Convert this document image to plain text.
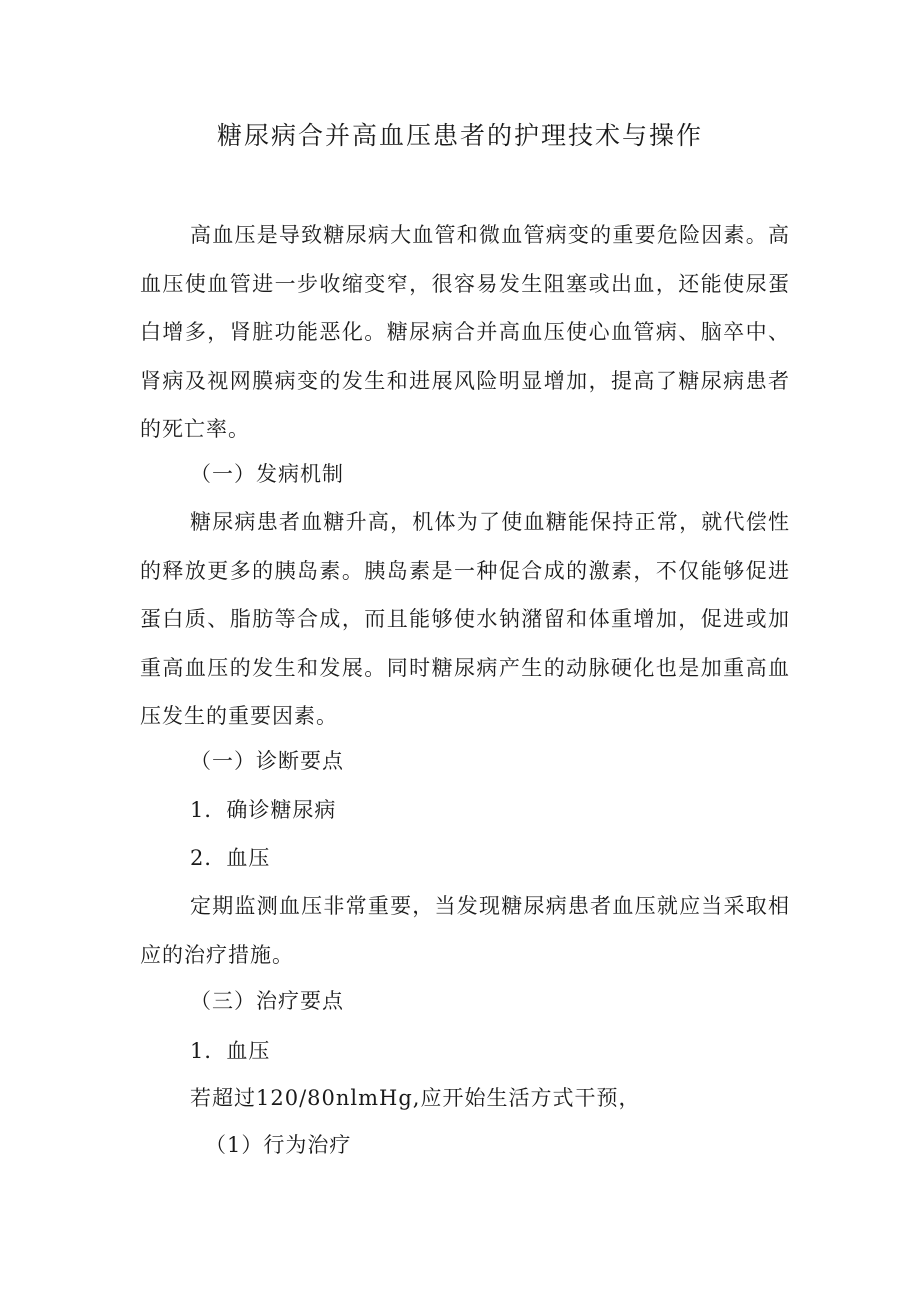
糖尿病合并高血压患者的护理技术与操作

高血压是导致糖尿病大血管和微血管病变的重要危险因素。高血压使血管进一步收缩变窄，很容易发生阻塞或出血，还能使尿蛋白增多，肾脏功能恶化。糖尿病合并高血压使心血管病、脑卒中、肾病及视网膜病变的发生和进展风险明显增加，提高了糖尿病患者的死亡率。

（一）发病机制

糖尿病患者血糖升高，机体为了使血糖能保持正常，就代偿性的释放更多的胰岛素。胰岛素是一种促合成的激素，不仅能够促进蛋白质、脂肪等合成，而且能够使水钠潴留和体重增加，促进或加重高血压的发生和发展。同时糖尿病产生的动脉硬化也是加重高血压发生的重要因素。

（一）诊断要点
1．确诊糖尿病
2．血压

定期监测血压非常重要，当发现糖尿病患者血压就应当采取相应的治疗措施。

（三）治疗要点
1．血压
若超过120/80nlmHg,应开始生活方式干预，
（1）行为治疗
